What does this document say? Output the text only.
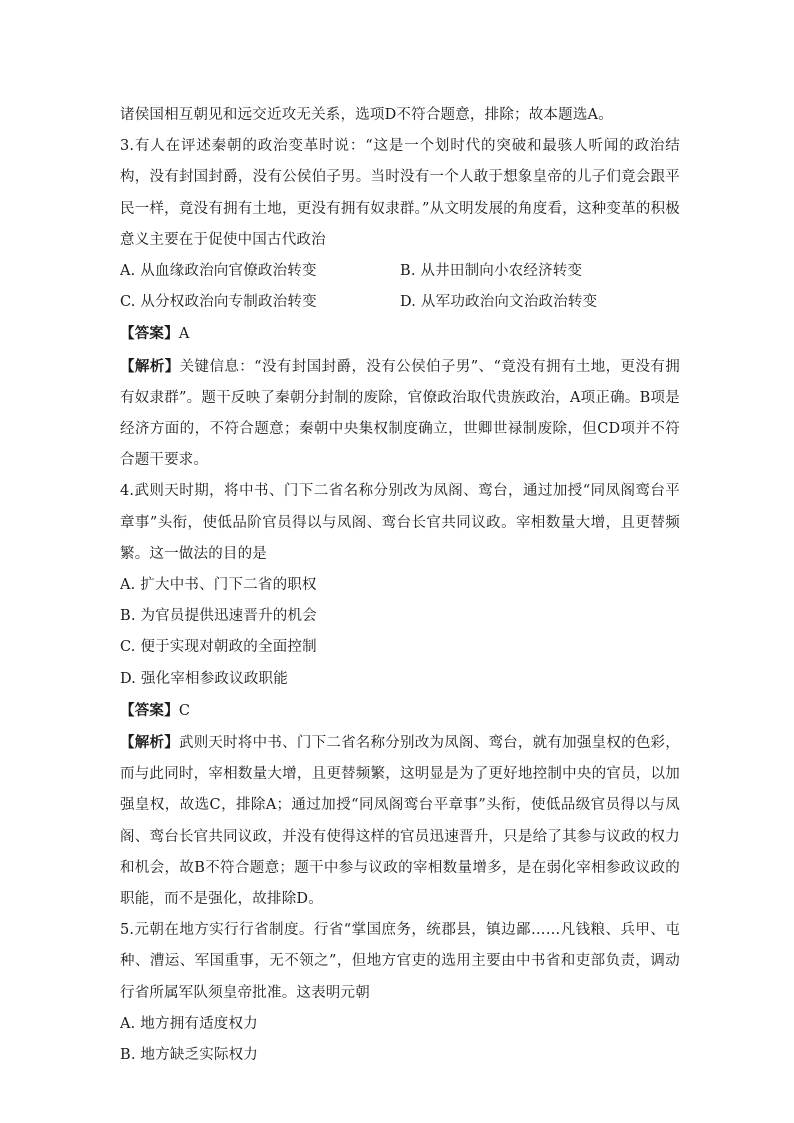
诸侯国相互朝见和远交近攻无关系，选项D不符合题意，排除；故本题选A。

3.有人在评述秦朝的政治变革时说：“这是一个划时代的突破和最骇人听闻的政治结构，没有封国封爵，没有公侯伯子男。当时没有一个人敢于想象皇帝的儿子们竟会跟平民一样，竟没有拥有土地，更没有拥有奴隶群。”从文明发展的角度看，这种变革的积极意义主要在于促使中国古代政治

A. 从血缘政治向官僚政治转变	B. 从井田制向小农经济转变

C. 从分权政治向专制政治转变	D. 从军功政治向文治政治转变

【答案】A

【解析】关键信息：“没有封国封爵，没有公侯伯子男”、“竟没有拥有土地，更没有拥有奴隶群”。题干反映了秦朝分封制的废除，官僚政治取代贵族政治，A项正确。B项是经济方面的，不符合题意；秦朝中央集权制度确立，世卿世禄制废除，但CD项并不符合题干要求。

4.武则天时期，将中书、门下二省名称分别改为凤阁、鸾台，通过加授“同凤阁鸾台平章事”头衔，使低品阶官员得以与凤阁、鸾台长官共同议政。宰相数量大增，且更替频繁。这一做法的目的是

A. 扩大中书、门下二省的职权

B. 为官员提供迅速晋升的机会

C. 便于实现对朝政的全面控制

D. 强化宰相参政议政职能

【答案】C

【解析】武则天时将中书、门下二省名称分别改为凤阁、鸾台，就有加强皇权的色彩，而与此同时，宰相数量大增，且更替频繁，这明显是为了更好地控制中央的官员，以加强皇权，故选C，排除A；通过加授“同凤阁鸾台平章事”头衔，使低品级官员得以与凤阁、鸾台长官共同议政，并没有使得这样的官员迅速晋升，只是给了其参与议政的权力和机会，故B不符合题意；题干中参与议政的宰相数量增多，是在弱化宰相参政议政的职能，而不是强化，故排除D。

5.元朝在地方实行行省制度。行省“掌国庶务，统郡县，镇边鄙……凡钱粮、兵甲、屯种、漕运、军国重事，无不领之”，但地方官吏的选用主要由中书省和吏部负责，调动行省所属军队须皇帝批准。这表明元朝

A. 地方拥有适度权力

B. 地方缺乏实际权力
